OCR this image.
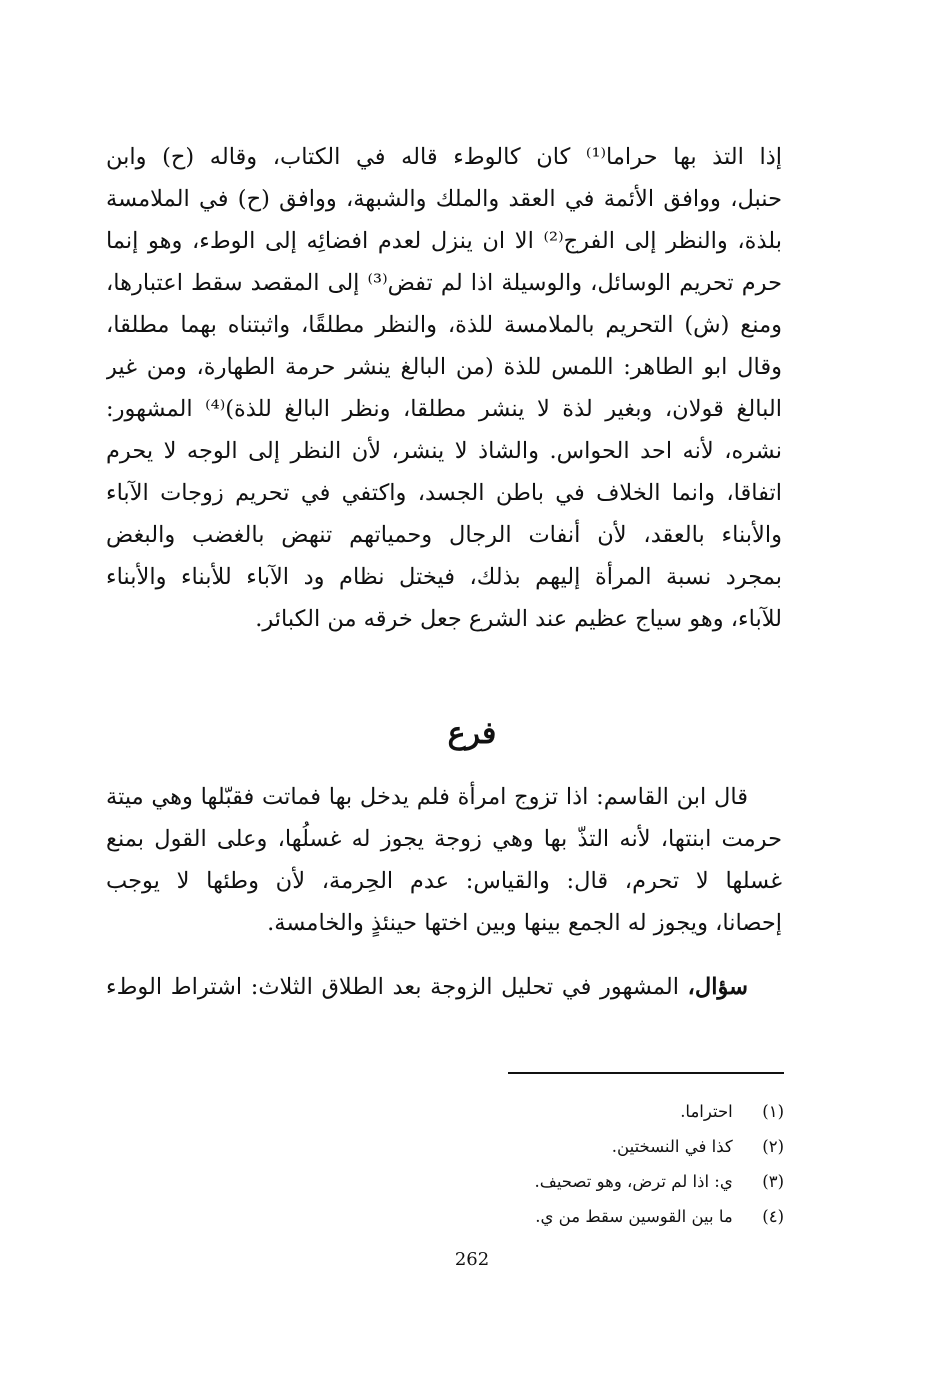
إذا التذ بها حراما⁽¹⁾ كان كالوطء قاله في الكتاب، وقاله (ح) وابن
حنبل، ووافق الأئمة في العقد والملك والشبهة، ووافق (ح) في الملامسة
بلذة، والنظر إلى الفرج⁽²⁾ الا ان ينزل لعدم افضائِه إلى الوطء، وهو إنما
حرم تحريم الوسائل، والوسيلة اذا لم تفض⁽³⁾ إلى المقصد سقط اعتبارها،
ومنع (ش) التحريم بالملامسة للذة، والنظر مطلقًا، واثبتناه بهما مطلقا،
وقال ابو الطاهر: اللمس للذة (من البالغ ينشر حرمة الطهارة، ومن غير
البالغ قولان، وبغير لذة لا ينشر مطلقا، ونظر البالغ للذة)⁽⁴⁾ المشهور:
نشره، لأنه احد الحواس. والشاذ لا ينشر، لأن النظر إلى الوجه لا يحرم
اتفاقا، وانما الخلاف في باطن الجسد، واكتفي في تحريم زوجات الآباء
والأبناء بالعقد، لأن أنفات الرجال وحمياتهم تنهض بالغضب والبغض
بمجرد نسبة المرأة إليهم بذلك، فيختل نظام ود الآباء للأبناء والأبناء
للآباء، وهو سياج عظيم عند الشرع جعل خرقه من الكبائر.
فرع
قال ابن القاسم: اذا تزوج امرأة فلم يدخل بها فماتت فقبّلها وهي ميتة
حرمت ابنتها، لأنه التذّ بها وهي زوجة يجوز له غسلُها، وعلى القول بمنع
غسلها لا تحرم، قال: والقياس: عدم الحِرمة، لأن وطئها لا يوجب
إحصانا، ويجوز له الجمع بينها وبين اختها حينئذٍ والخامسة.
سؤال، المشهور في تحليل الزوجة بعد الطلاق الثلاث: اشتراط الوطء
(١) احتراما.
(٢) كذا في النسختين.
(٣) ي: اذا لم ترض، وهو تصحيف.
(٤) ما بين القوسين سقط من ي.
262
